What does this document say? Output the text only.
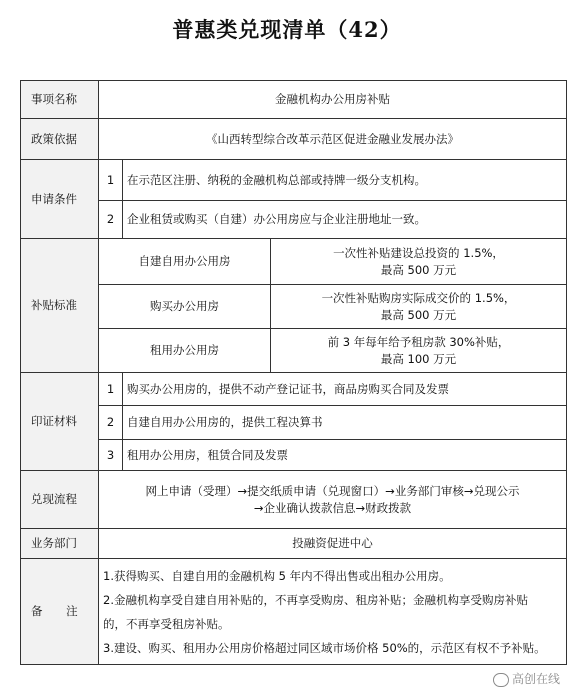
普惠类兑现清单（42）
事项名称	金融机构办公用房补贴		
政策依据	《山西转型综合改革示范区促进金融业发展办法》		
申请条件	1	在示范区注册、纳税的金融机构总部或持牌一级分支机构。	
	2	企业租赁或购买（自建）办公用房应与企业注册地址一致。	
补贴标准	自建自用办公用房		一次性补贴建设总投资的 1.5%，
最高 500 万元

	购买办公用房		一次性补贴购房实际成交价的 1.5%，
最高 500 万元

	租用办公用房		前 3 年每年给予租房款 30%补贴，
最高 100 万元

印证材料	1	购买办公用房的，提供不动产登记证书，商品房购买合同及发票	
	2	自建自用办公用房的，提供工程决算书	
	3	租用办公用房，租赁合同及发票	
兑现流程	网上申请（受理）→提交纸质申请（兑现窗口）→业务部门审核→兑现公示
→企业确认拨款信息→财政拨款		

业务部门	投融资促进中心		
备 注	1.获得购买、自建自用的金融机构 5 年内不得出售或出租办公用房。
2.金融机构享受自建自用补贴的，不再享受购房、租房补贴；金融机构享受购房补贴
的，不再享受租房补贴。
3.建设、购买、租用办公用房价格超过同区域市场价格 50%的，示范区有权不予补贴。		
高创在线
